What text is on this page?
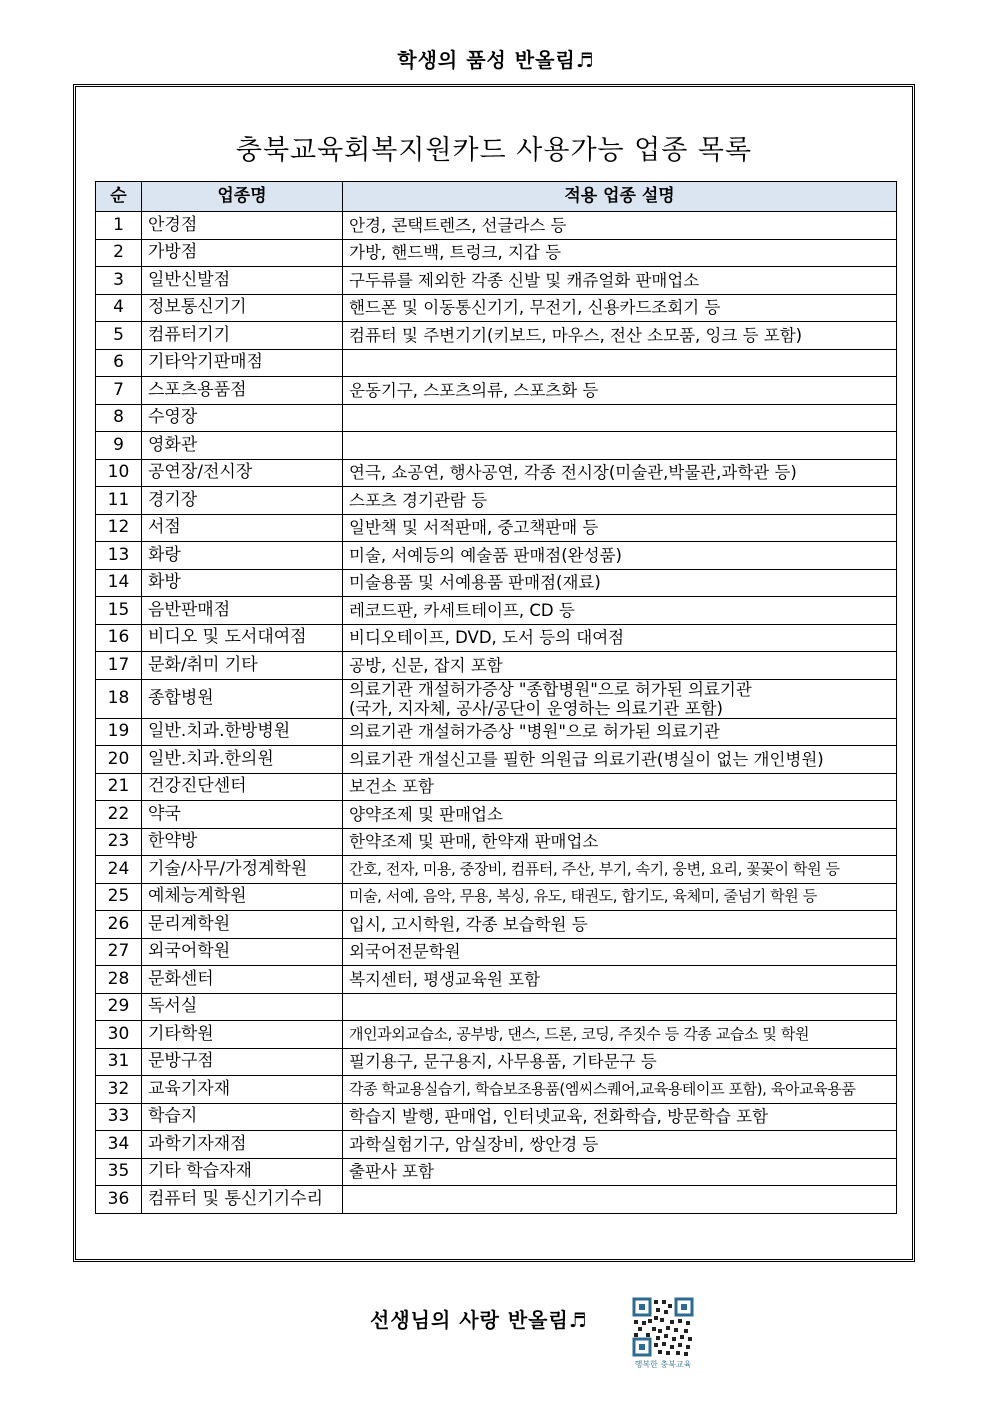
학생의 품성 반올림♬
충북교육회복지원카드 사용가능 업종 목록
순	업종명	적용 업종 설명
1	안경점	안경, 콘택트렌즈, 선글라스 등
2	가방점	가방, 핸드백, 트렁크, 지갑 등
3	일반신발점	구두류를 제외한 각종 신발 및 캐쥬얼화 판매업소
4	정보통신기기	핸드폰 및 이동통신기기, 무전기, 신용카드조회기 등
5	컴퓨터기기	컴퓨터 및 주변기기(키보드, 마우스, 전산 소모품, 잉크 등 포함)
6	기타악기판매점	
7	스포츠용품점	운동기구, 스포츠의류, 스포츠화 등
8	수영장	
9	영화관	
10	공연장/전시장	연극, 쇼공연, 행사공연, 각종 전시장(미술관,박물관,과학관 등)
11	경기장	스포츠 경기관람 등
12	서점	일반책 및 서적판매, 중고책판매 등
13	화랑	미술, 서예등의 예술품 판매점(완성품)
14	화방	미술용품 및 서예용품 판매점(재료)
15	음반판매점	레코드판, 카세트테이프, CD 등
16	비디오 및 도서대여점	비디오테이프, DVD, 도서 등의 대여점
17	문화/취미 기타	공방, 신문, 잡지 포함
18	종합병원	의료기관 개설허가증상 "종합병원"으로 허가된 의료기관
(국가, 지자체, 공사/공단이 운영하는 의료기관 포함)

19	일반.치과.한방병원	의료기관 개설허가증상 "병원"으로 허가된 의료기관
20	일반.치과.한의원	의료기관 개설신고를 필한 의원급 의료기관(병실이 없는 개인병원)
21	건강진단센터	보건소 포함
22	약국	양약조제 및 판매업소
23	한약방	한약조제 및 판매, 한약재 판매업소
24	기술/사무/가정계학원	간호, 전자, 미용, 중장비, 컴퓨터, 주산, 부기, 속기, 웅변, 요리, 꽃꽂이 학원 등
25	예체능계학원	미술, 서예, 음악, 무용, 복싱, 유도, 태권도, 합기도, 육체미, 줄넘기 학원 등
26	문리계학원	입시, 고시학원, 각종 보습학원 등
27	외국어학원	외국어전문학원
28	문화센터	복지센터, 평생교육원 포함
29	독서실	
30	기타학원	개인과외교습소, 공부방, 댄스, 드론, 코딩, 주짓수 등 각종 교습소 및 학원
31	문방구점	필기용구, 문구용지, 사무용품, 기타문구 등
32	교육기자재	각종 학교용실습기, 학습보조용품(엠씨스퀘어,교육용테이프 포함), 육아교육용품
33	학습지	학습지 발행, 판매업, 인터넷교육, 전화학습, 방문학습 포함
34	과학기자재점	과학실험기구, 암실장비, 쌍안경 등
35	기타 학습자재	출판사 포함
36	컴퓨터 및 통신기기수리	
선생님의 사랑 반올림♬
행복한 충북교육
